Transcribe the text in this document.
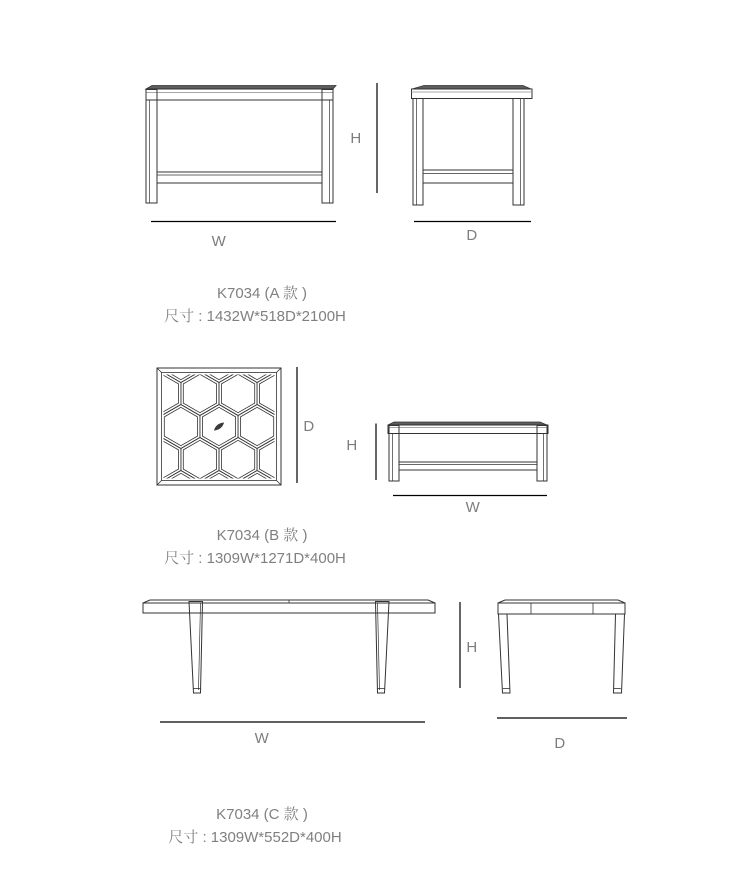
H
W	D
D
H
W
H
W	D
K7034 (A 款 )
尺寸 : 1432W*518D*2100H
K7034 (B 款 )
尺寸 : 1309W*1271D*400H
K7034 (C 款 )
尺寸 : 1309W*552D*400H
